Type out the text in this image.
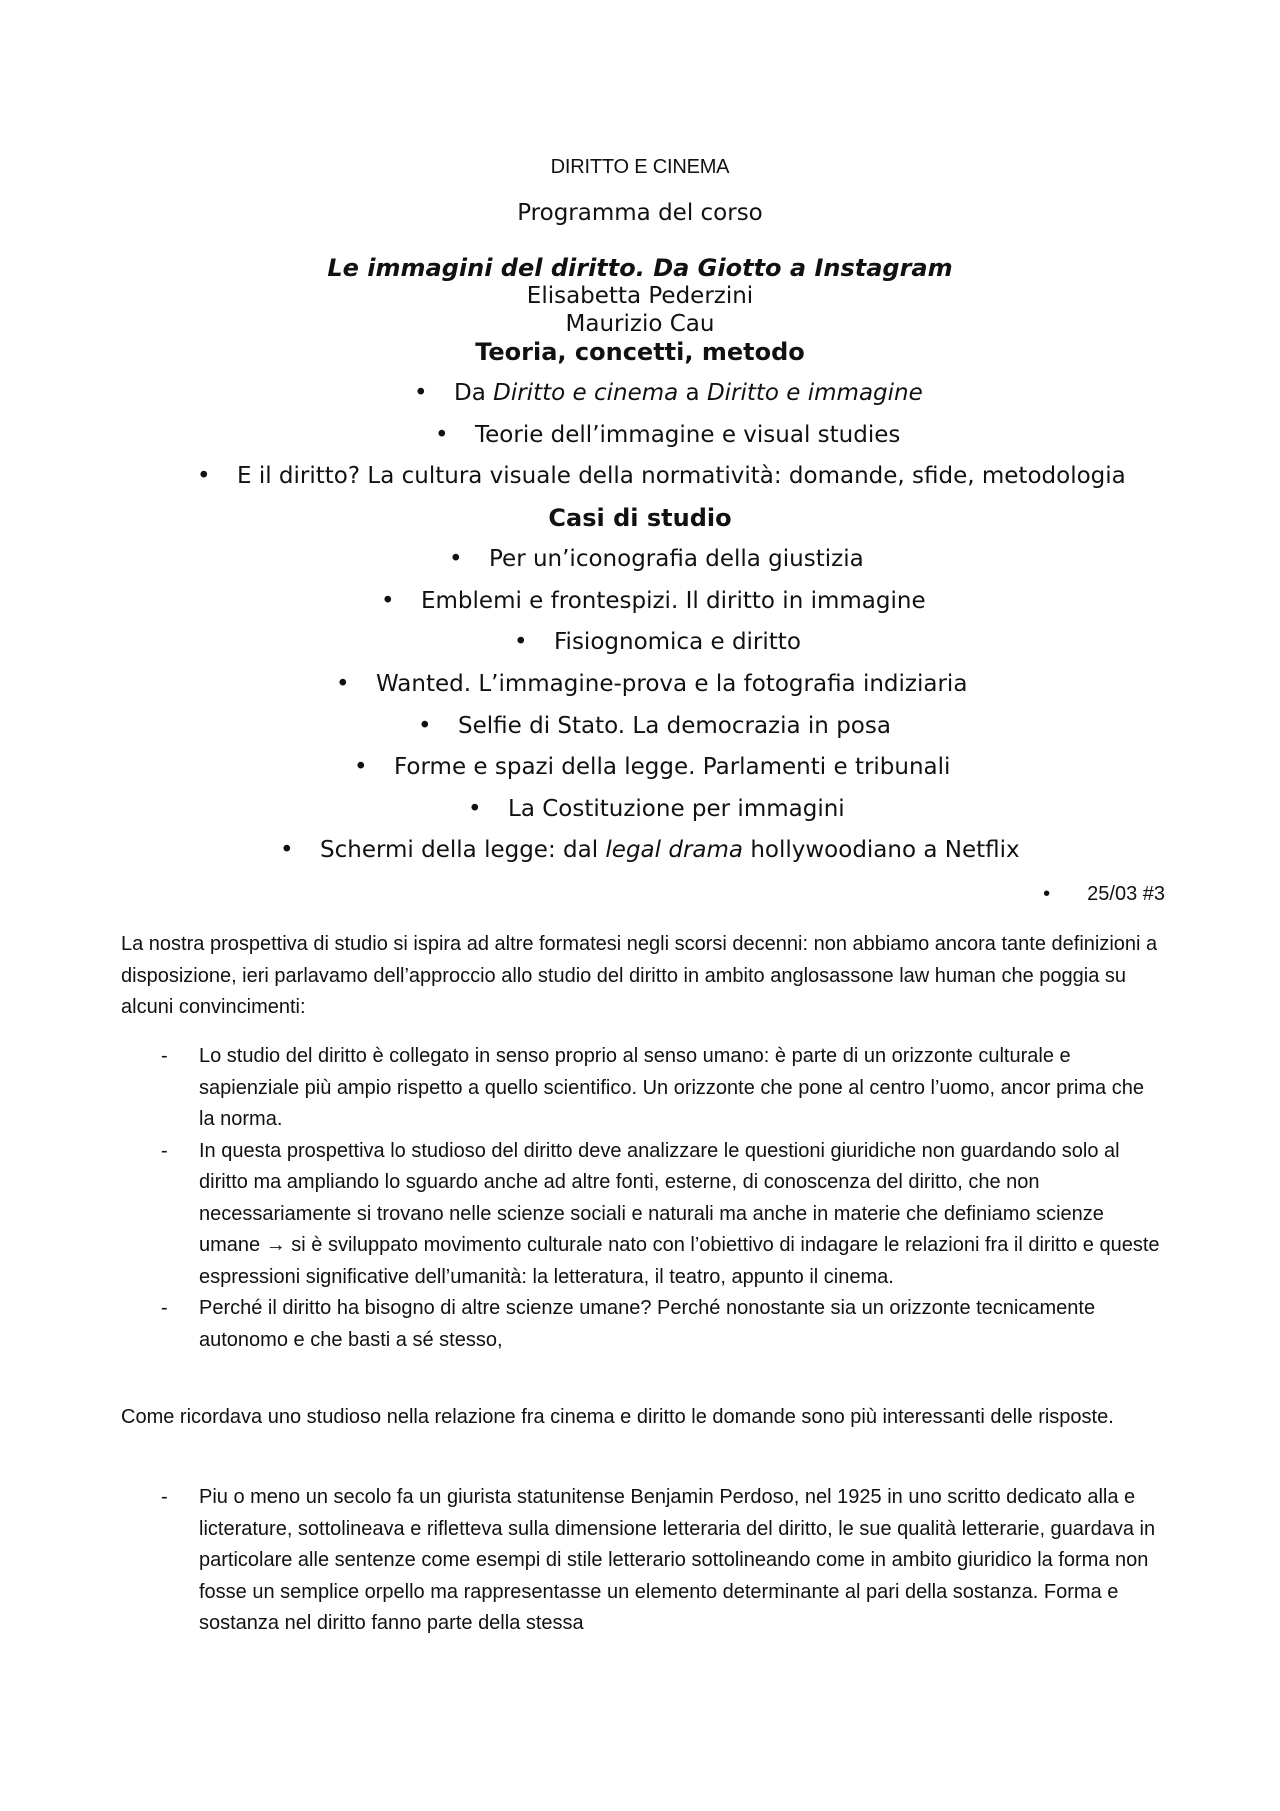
DIRITTO E CINEMA
Programma del corso
Le immagini del diritto. Da Giotto a Instagram
Elisabetta Pederzini
Maurizio Cau
Teoria, concetti, metodo
• Da Diritto e cinema a Diritto e immagine
• Teorie dell’immagine e visual studies
• E il diritto? La cultura visuale della normatività: domande, sfide, metodologia
Casi di studio
• Per un’iconografia della giustizia
• Emblemi e frontespizi. Il diritto in immagine
• Fisiognomica e diritto
• Wanted. L’immagine-prova e la fotografia indiziaria
• Selfie di Stato. La democrazia in posa
• Forme e spazi della legge. Parlamenti e tribunali
• La Costituzione per immagini
• Schermi della legge: dal legal drama hollywoodiano a Netflix
• 25/03 #3

La nostra prospettiva di studio si ispira ad altre formatesi negli scorsi decenni: non abbiamo ancora tante definizioni a disposizione, ieri parlavamo dell’approccio allo studio del diritto in ambito anglosassone law human che poggia su alcuni convincimenti:

- Lo studio del diritto è collegato in senso proprio al senso umano: è parte di un orizzonte culturale e sapienziale più ampio rispetto a quello scientifico. Un orizzonte che pone al centro l’uomo, ancor prima che la norma.
- In questa prospettiva lo studioso del diritto deve analizzare le questioni giuridiche non guardando solo al diritto ma ampliando lo sguardo anche ad altre fonti, esterne, di conoscenza del diritto, che non necessariamente si trovano nelle scienze sociali e naturali ma anche in materie che definiamo scienze umane → si è sviluppato movimento culturale nato con l’obiettivo di indagare le relazioni fra il diritto e queste espressioni significative dell’umanità: la letteratura, il teatro, appunto il cinema.
- Perché il diritto ha bisogno di altre scienze umane? Perché nonostante sia un orizzonte tecnicamente autonomo e che basti a sé stesso,

Come ricordava uno studioso nella relazione fra cinema e diritto le domande sono più interessanti delle risposte.

- Piu o meno un secolo fa un giurista statunitense Benjamin Perdoso, nel 1925 in uno scritto dedicato alla e licterature, sottolineava e rifletteva sulla dimensione letteraria del diritto, le sue qualità letterarie, guardava in particolare alle sentenze come esempi di stile letterario sottolineando come in ambito giuridico la forma non fosse un semplice orpello ma rappresentasse un elemento determinante al pari della sostanza. Forma e sostanza nel diritto fanno parte della stessa
